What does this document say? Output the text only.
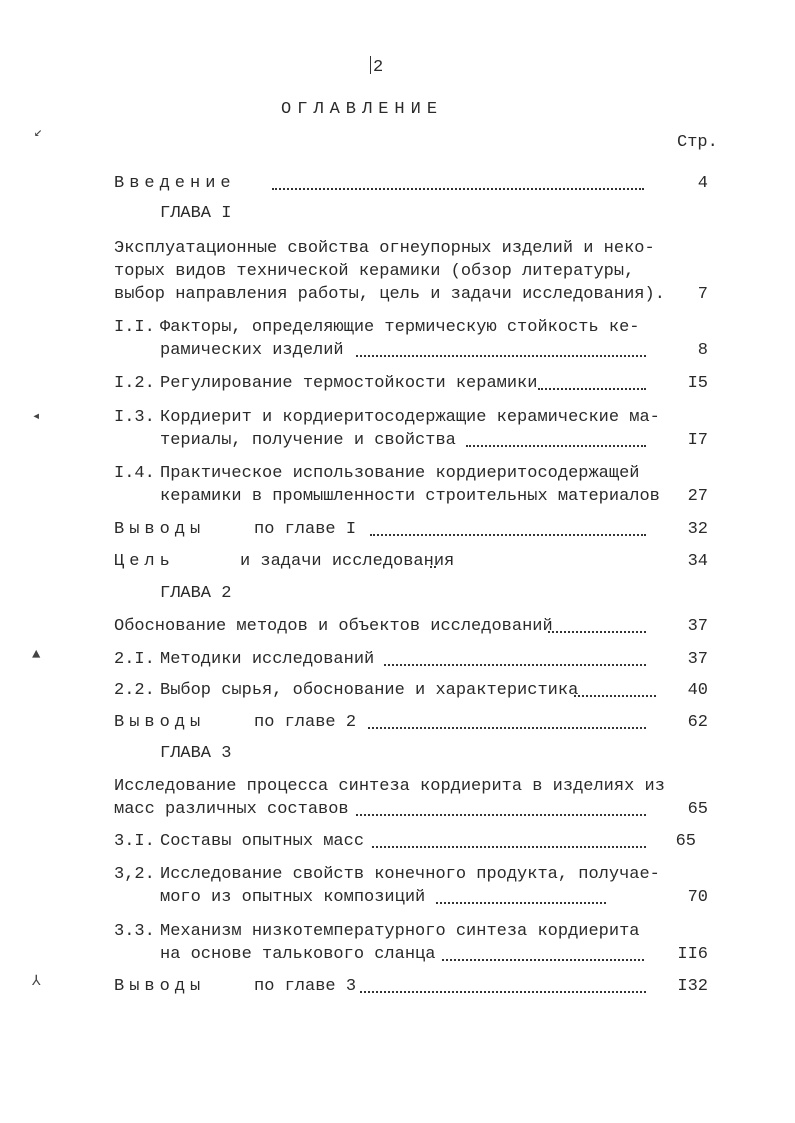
2
ОГЛАВЛЕНИЕ
Стр.
↙
◂
▲
⅄
Введение	4
ГЛАВА I
Эксплуатационные свойства огнеупорных изделий и неко-
торых видов технической керамики (обзор литературы,
выбор направления работы, цель и задачи исследования).	7
I.I. Факторы, определяющие термическую стойкость ке-
рамических изделий	8
I.2. Регулирование термостойкости керамики	I5
I.3. Кордиерит и кордиеритосодержащие керамические ма-
териалы, получение и свойства	I7
I.4. Практическое использование кордиеритосодержащей
керамики в промышленности строительных материалов	27
Выводы	по главе I	32
Цель	и задачи исследования	34
ГЛАВА 2
Обоснование методов и объектов исследований	37
2.I. Методики исследований	37
2.2. Выбор сырья, обоснование и характеристика	40
Выводы	по главе 2	62
ГЛАВА 3
Исследование процесса синтеза кордиерита в изделиях из
масс различных составов	65
3.I. Составы опытных масс	65
3,2. Исследование свойств конечного продукта, получае-
мого из опытных композиций	70
3.3. Механизм низкотемпературного синтеза кордиерита
на основе талькового сланца	II6
Выводы	по главе 3	I32
